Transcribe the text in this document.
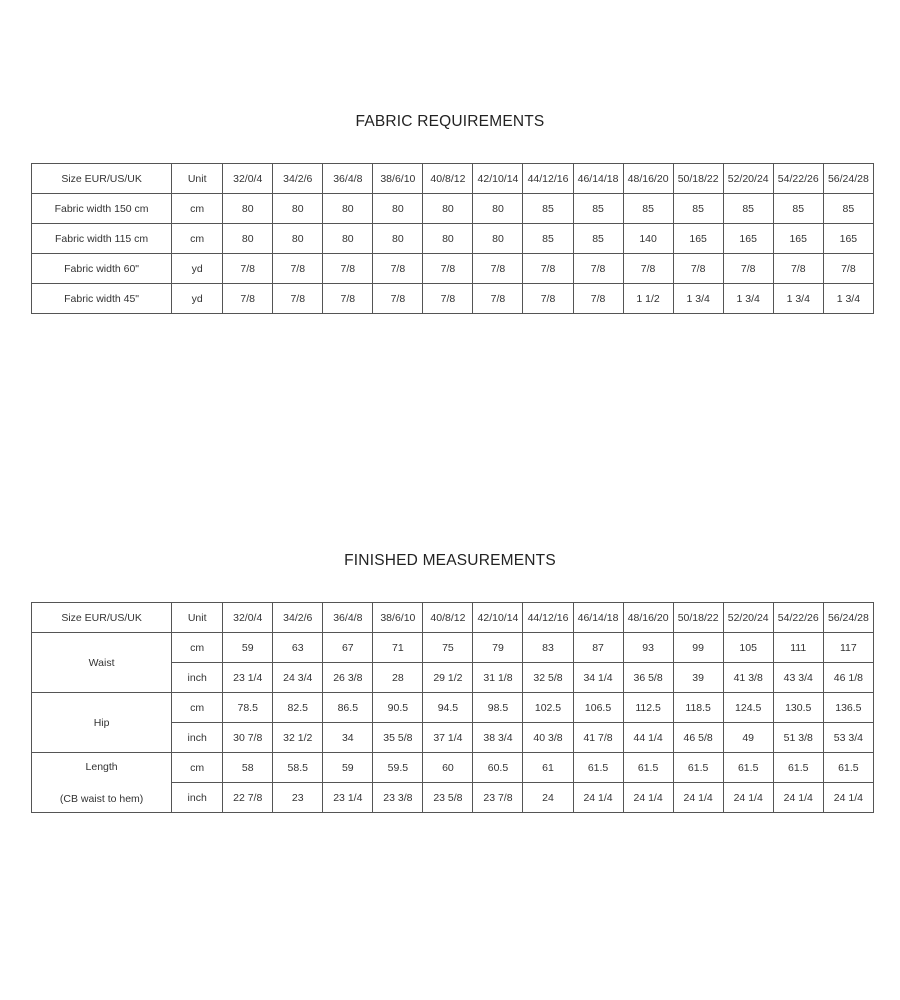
FABRIC REQUIREMENTS
Size EUR/US/UK	Unit	32/0/4	34/2/6	36/4/8	38/6/10	40/8/12	42/10/14	44/12/16	46/14/18	48/16/20	50/18/22	52/20/24	54/22/26	56/24/28
Fabric width 150 cm	cm	80	80	80	80	80	80	85	85	85	85	85	85	85
Fabric width 115 cm	cm	80	80	80	80	80	80	85	85	140	165	165	165	165
Fabric width 60"	yd	7/8	7/8	7/8	7/8	7/8	7/8	7/8	7/8	7/8	7/8	7/8	7/8	7/8
Fabric width 45"	yd	7/8	7/8	7/8	7/8	7/8	7/8	7/8	7/8	1 1/2	1 3/4	1 3/4	1 3/4	1 3/4
FINISHED MEASUREMENTS
Size EUR/US/UK	Unit	32/0/4	34/2/6	36/4/8	38/6/10	40/8/12	42/10/14	44/12/16	46/14/18	48/16/20	50/18/22	52/20/24	54/22/26	56/24/28

Waist	cm	59	63	67	71	75	79	83	87	93	99	105	111	117
	inch	23 1/4	24 3/4	26 3/8	28	29 1/2	31 1/8	32 5/8	34 1/4	36 5/8	39	41 3/8	43 3/4	46 1/8

Hip	cm	78.5	82.5	86.5	90.5	94.5	98.5	102.5	106.5	112.5	118.5	124.5	130.5	136.5
	inch	30 7/8	32 1/2	34	35 5/8	37 1/4	38 3/4	40 3/8	41 7/8	44 1/4	46 5/8	49	51 3/8	53 3/4

Length
(CB waist to hem)	cm	58	58.5	59	59.5	60	60.5	61	61.5	61.5	61.5	61.5	61.5	61.5
	inch	22 7/8	23	23 1/4	23 3/8	23 5/8	23 7/8	24	24 1/4	24 1/4	24 1/4	24 1/4	24 1/4	24 1/4
